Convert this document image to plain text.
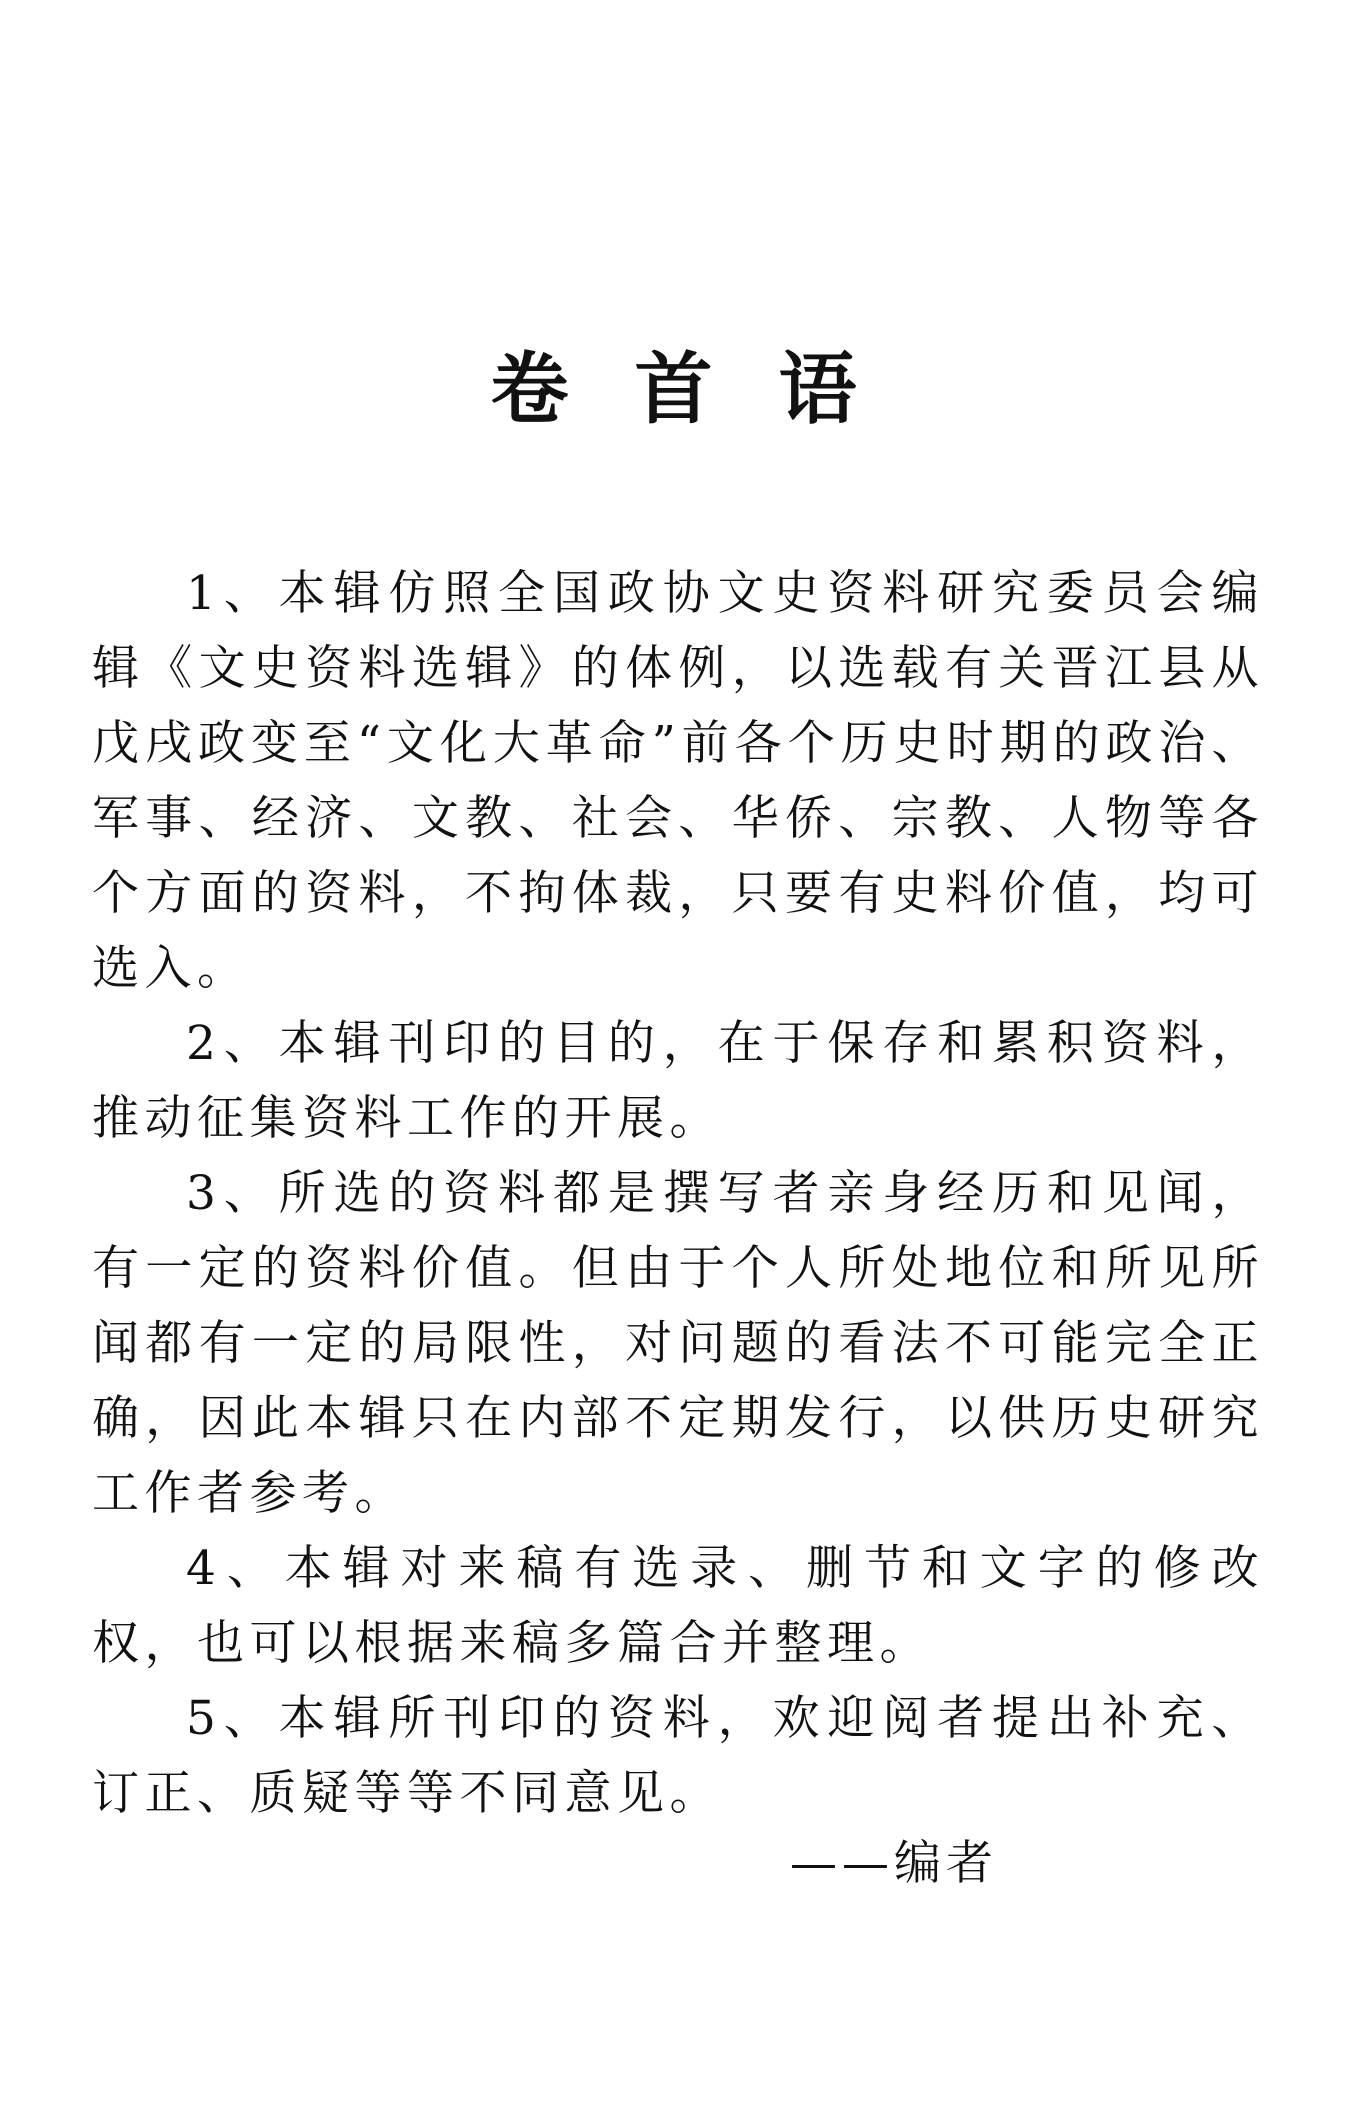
卷首语

1、本辑仿照全国政协文史资料研究委员会编辑《文史资料选辑》的体例，以选载有关晋江县从戊戌政变至“文化大革命”前各个历史时期的政治、军事、经济、文教、社会、华侨、宗教、人物等各个方面的资料，不拘体裁，只要有史料价值，均可选入。

2、本辑刊印的目的，在于保存和累积资料，推动征集资料工作的开展。

3、所选的资料都是撰写者亲身经历和见闻，有一定的资料价值。但由于个人所处地位和所见所闻都有一定的局限性，对问题的看法不可能完全正确，因此本辑只在内部不定期发行，以供历史研究工作者参考。

4、本辑对来稿有选录、删节和文字的修改权，也可以根据来稿多篇合并整理。

5、本辑所刊印的资料，欢迎阅者提出补充、订正、质疑等等不同意见。

——编者
